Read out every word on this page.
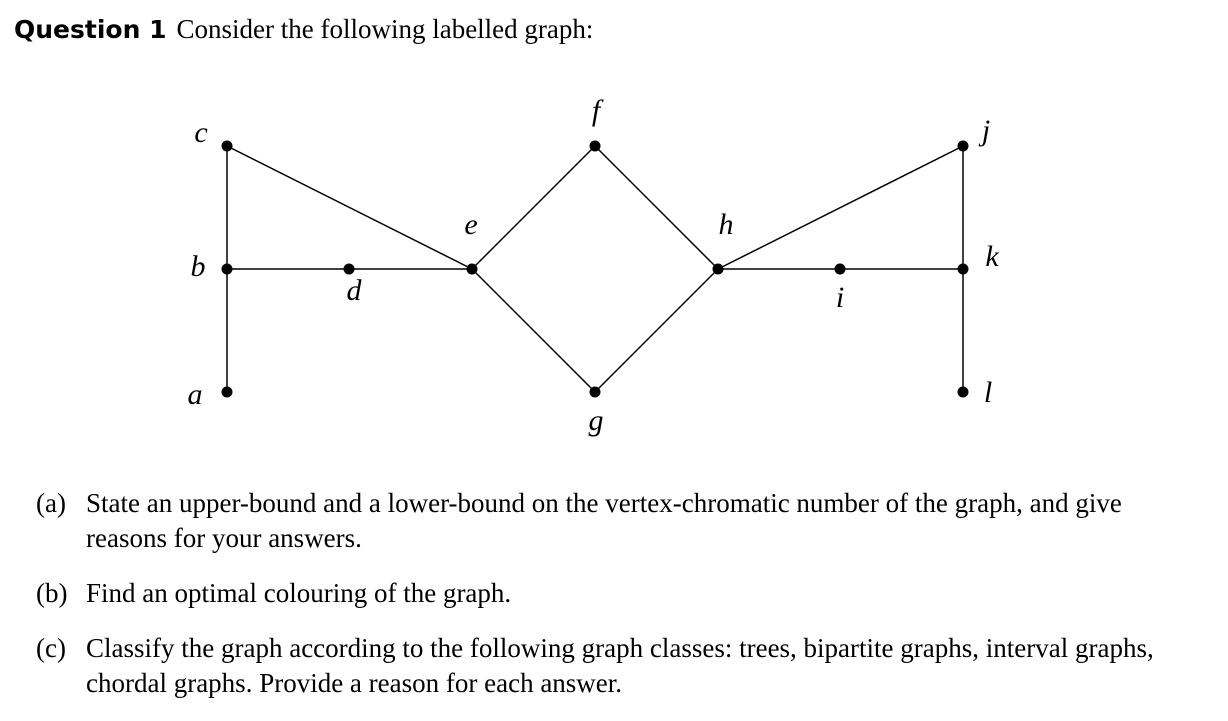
Question 1 Consider the following labelled graph:
a
b
c
d
e
f
g
h
i
j
k
l
(a) State an upper-bound and a lower-bound on the vertex-chromatic number of the graph, and give reasons for your answers.
(b) Find an optimal colouring of the graph.
(c) Classify the graph according to the following graph classes: trees, bipartite graphs, interval graphs, chordal graphs. Provide a reason for each answer.
